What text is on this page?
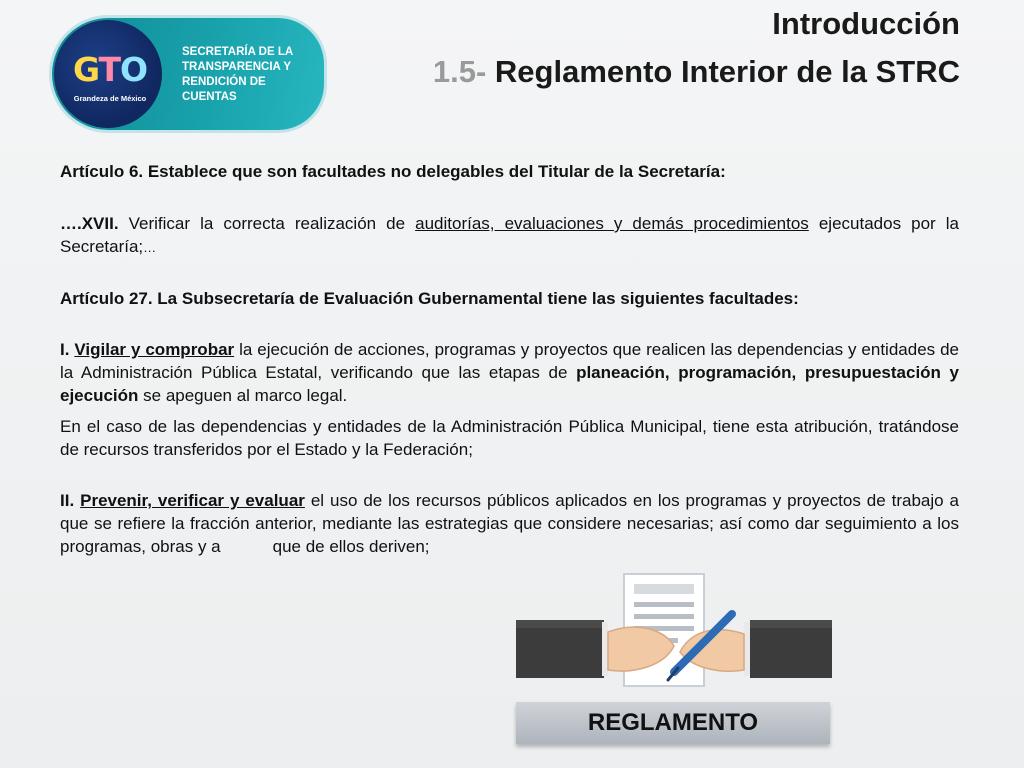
GTO
Grandeza de México
SECRETARÍA DE LA
TRANSPARENCIA Y
RENDICIÓN DE
CUENTAS
Introducción
1.5- Reglamento Interior de la STRC

Artículo 6. Establece que son facultades no delegables del Titular de la Secretaría:

….XVII. Verificar la correcta realización de auditorías, evaluaciones y demás procedimientos ejecutados por la Secretaría;…

Artículo 27. La Subsecretaría de Evaluación Gubernamental tiene las siguientes facultades:

I. Vigilar y comprobar la ejecución de acciones, programas y proyectos que realicen las dependencias y entidades de la Administración Pública Estatal, verificando que las etapas de planeación, programación, presupuestación y ejecución se apeguen al marco legal.

En el caso de las dependencias y entidades de la Administración Pública Municipal, tiene esta atribución, tratándose de recursos transferidos por el Estado y la Federación;

II. Prevenir, verificar y evaluar el uso de los recursos públicos aplicados en los programas y proyectos de trabajo a que se refiere la fracción anterior, mediante las estrategias que considere necesarias; así como dar seguimiento a los programas, obras y a	que de ellos deriven;

REGLAMENTO
